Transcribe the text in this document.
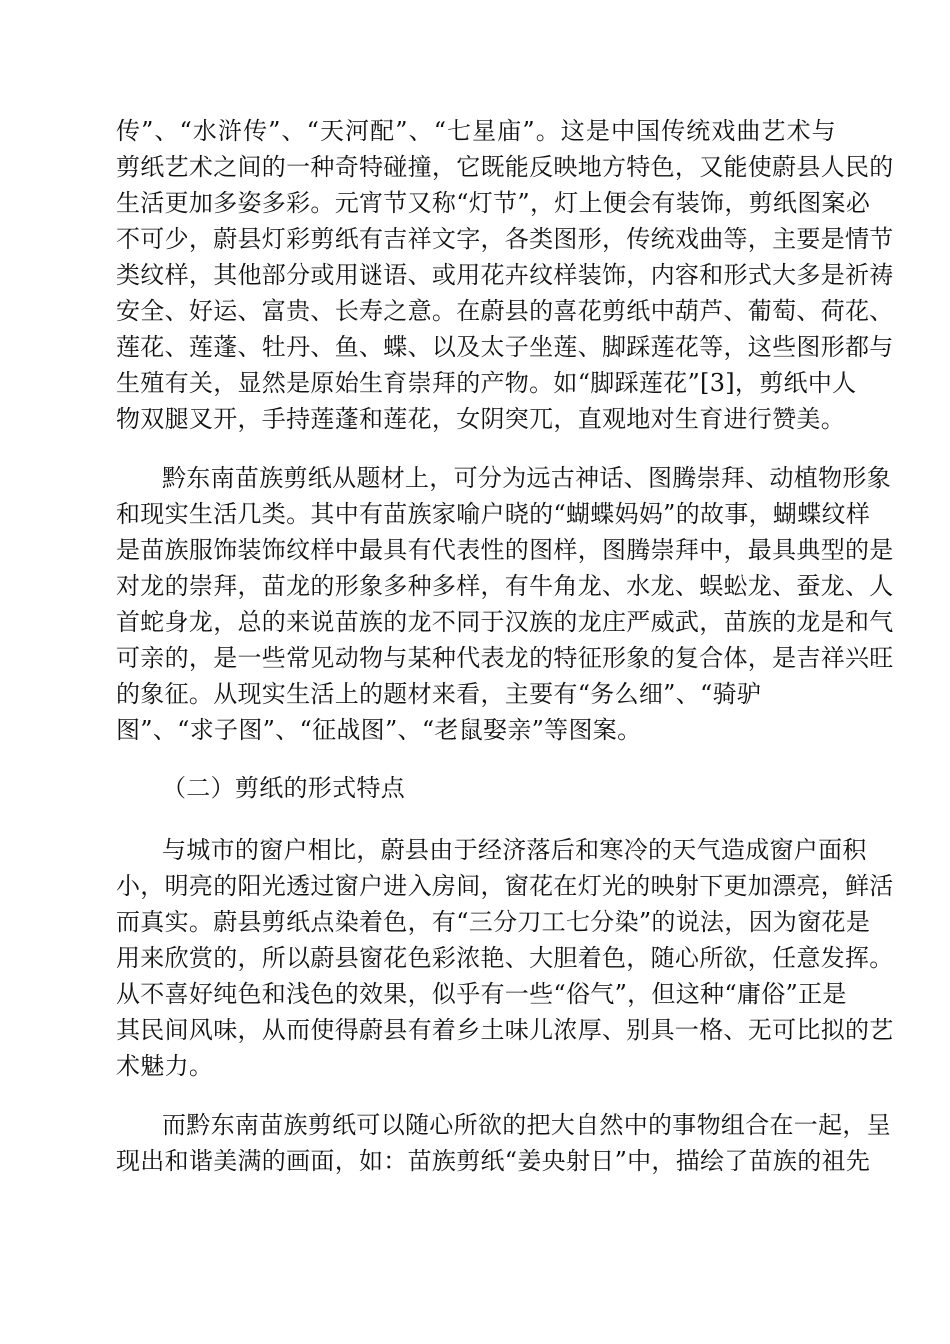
传”、“水浒传”、“天河配”、“七星庙”。这是中国传统戏曲艺术与
剪纸艺术之间的一种奇特碰撞，它既能反映地方特色，又能使蔚县人民的
生活更加多姿多彩。元宵节又称“灯节”，灯上便会有装饰，剪纸图案必
不可少，蔚县灯彩剪纸有吉祥文字，各类图形，传统戏曲等，主要是情节
类纹样，其他部分或用谜语、或用花卉纹样装饰，内容和形式大多是祈祷
安全、好运、富贵、长寿之意。在蔚县的喜花剪纸中葫芦、葡萄、荷花、
莲花、莲蓬、牡丹、鱼、蝶、以及太子坐莲、脚踩莲花等，这些图形都与
生殖有关，显然是原始生育崇拜的产物。如“脚踩莲花”[3]，剪纸中人
物双腿叉开，手持莲蓬和莲花，女阴突兀，直观地对生育进行赞美。
黔东南苗族剪纸从题材上，可分为远古神话、图腾崇拜、动植物形象
和现实生活几类。其中有苗族家喻户晓的“蝴蝶妈妈”的故事，蝴蝶纹样
是苗族服饰装饰纹样中最具有代表性的图样，图腾崇拜中，最具典型的是
对龙的崇拜，苗龙的形象多种多样，有牛角龙、水龙、蜈蚣龙、蚕龙、人
首蛇身龙，总的来说苗族的龙不同于汉族的龙庄严威武，苗族的龙是和气
可亲的，是一些常见动物与某种代表龙的特征形象的复合体，是吉祥兴旺
的象征。从现实生活上的题材来看，主要有“务么细”、“骑驴
图”、“求子图”、“征战图”、“老鼠娶亲”等图案。
（二）剪纸的形式特点
与城市的窗户相比，蔚县由于经济落后和寒冷的天气造成窗户面积
小，明亮的阳光透过窗户进入房间，窗花在灯光的映射下更加漂亮，鲜活
而真实。蔚县剪纸点染着色，有“三分刀工七分染”的说法，因为窗花是
用来欣赏的，所以蔚县窗花色彩浓艳、大胆着色，随心所欲，任意发挥。
从不喜好纯色和浅色的效果，似乎有一些“俗气”，但这种“庸俗”正是
其民间风味，从而使得蔚县有着乡土味儿浓厚、别具一格、无可比拟的艺
术魅力。
而黔东南苗族剪纸可以随心所欲的把大自然中的事物组合在一起，呈
现出和谐美满的画面，如：苗族剪纸“姜央射日”中，描绘了苗族的祖先
